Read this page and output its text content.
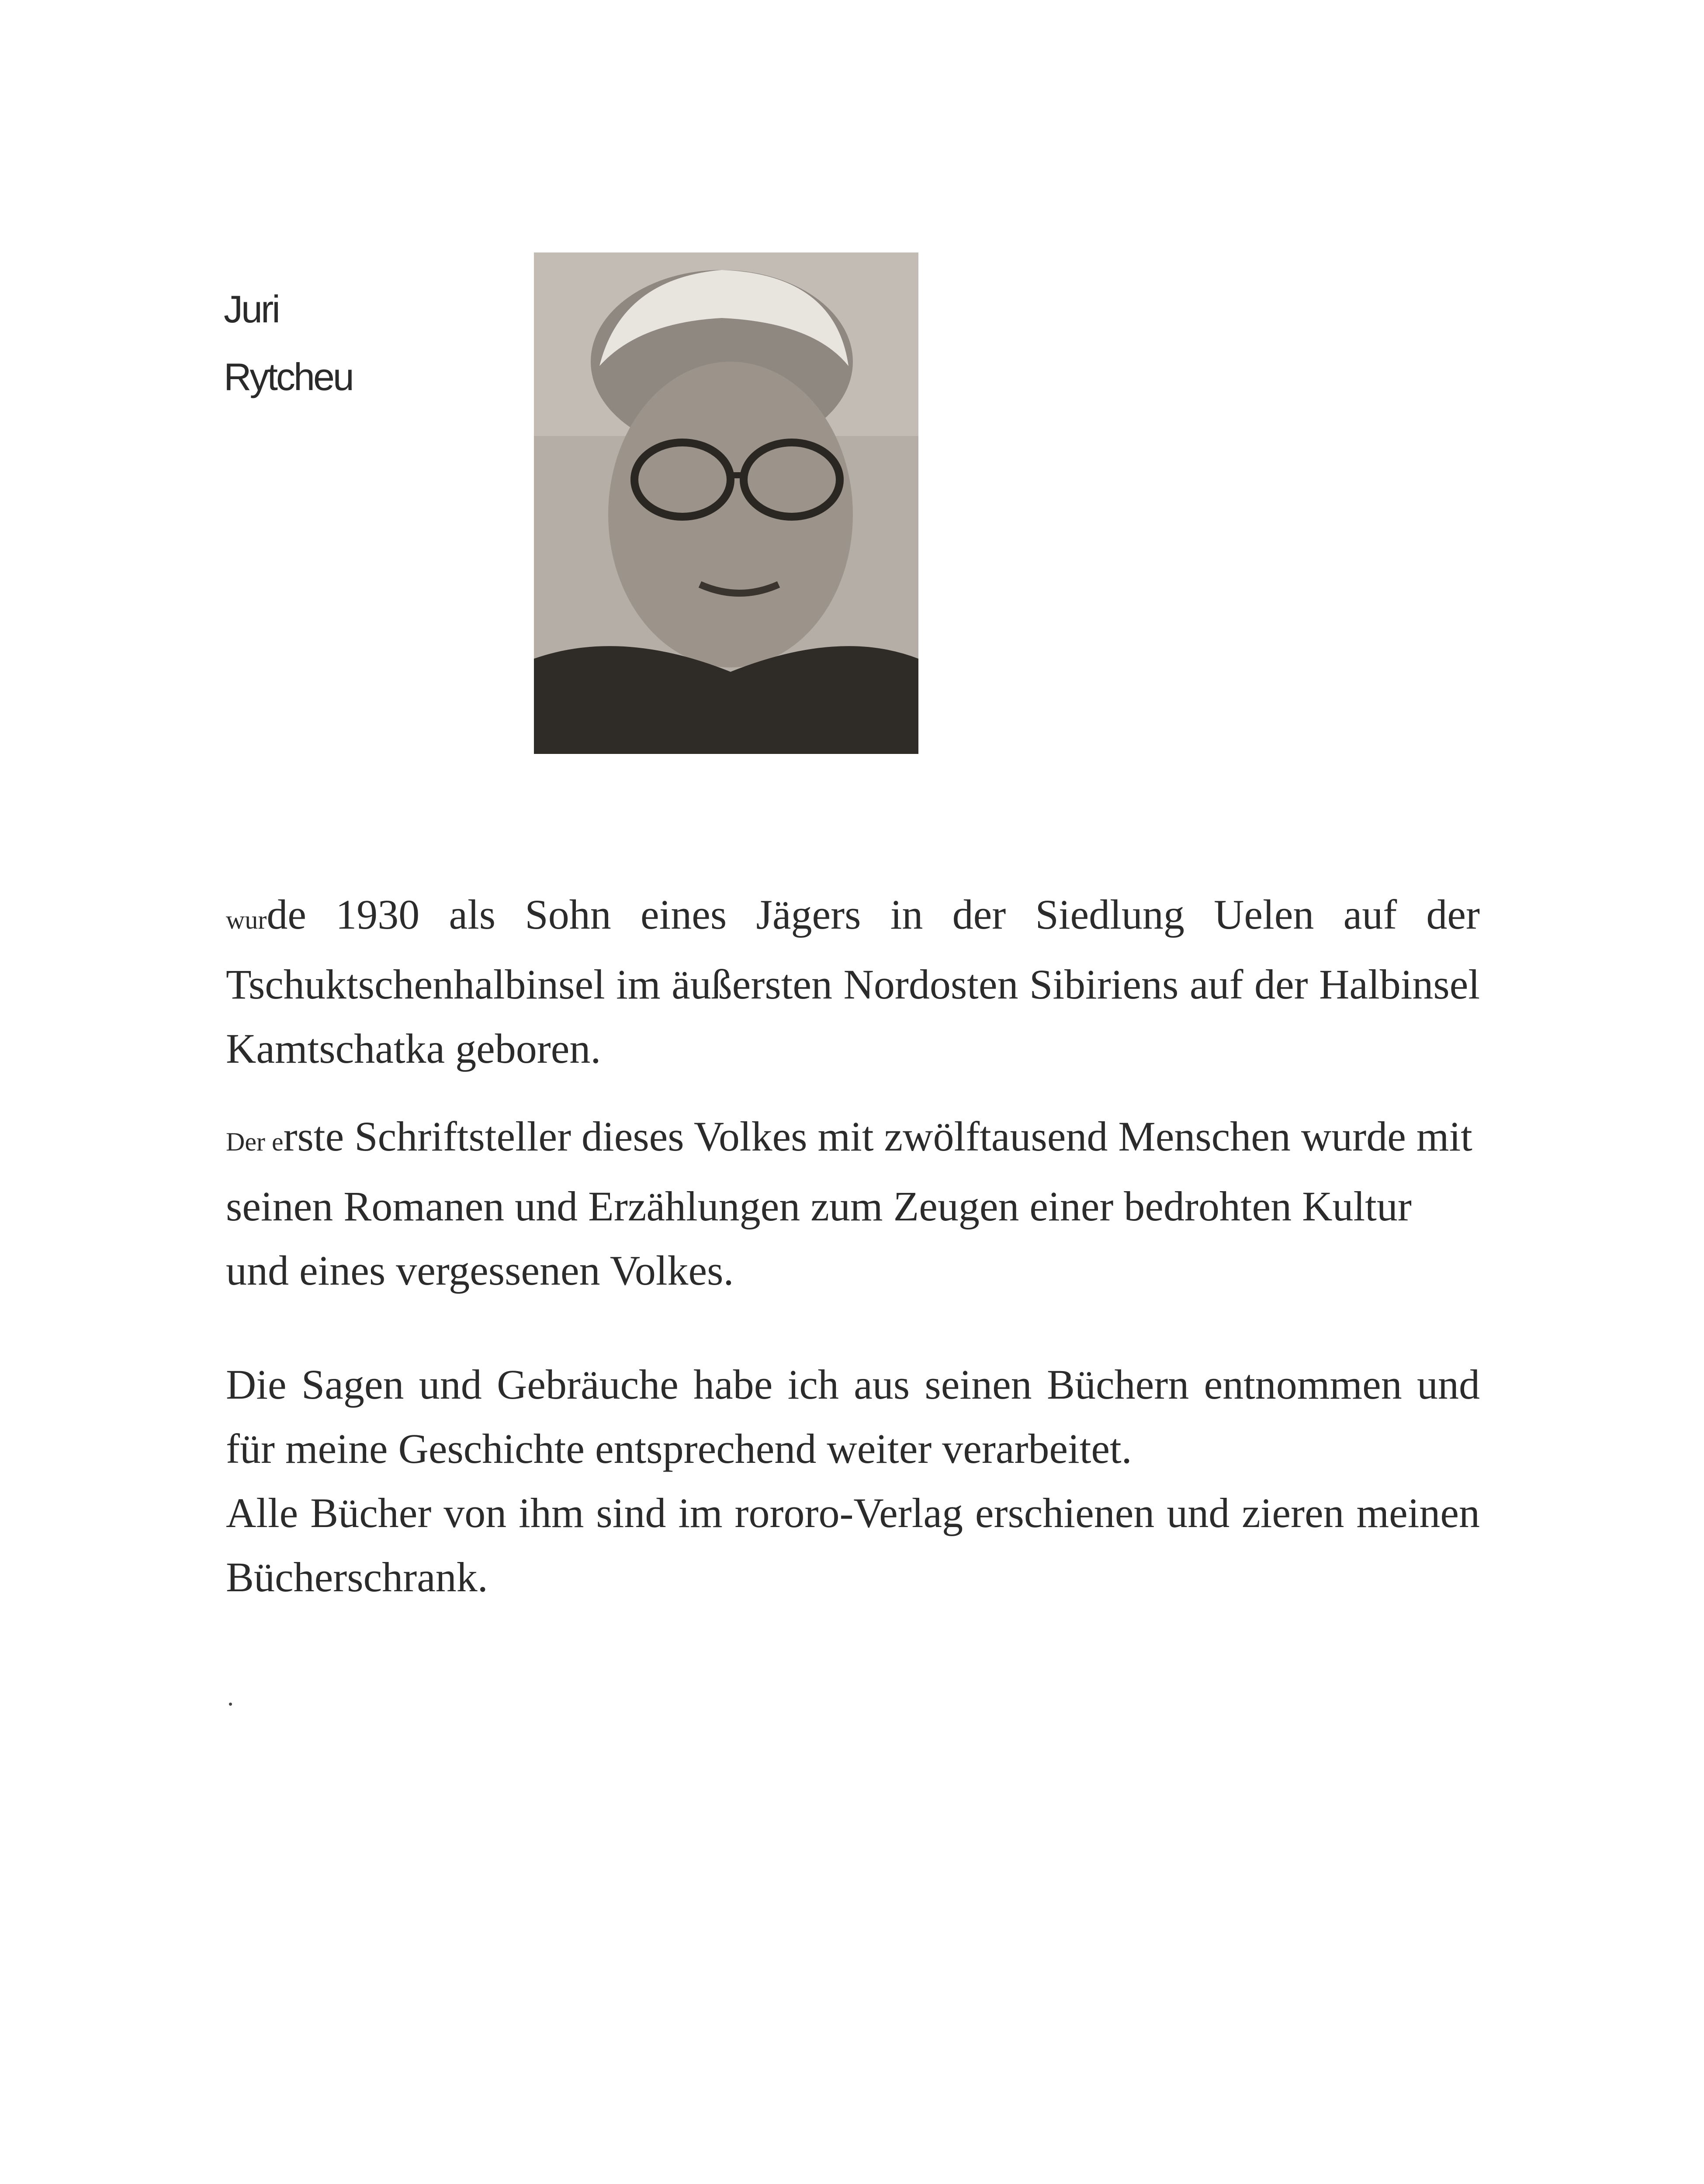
Juri
Rytcheu
wurde 1930 als Sohn eines Jägers in der Siedlung Uelen auf der Tschuktschenhalbinsel im äußersten Nordosten Sibiriens auf der Halbinsel Kamtschatka geboren.
Der erste Schriftsteller dieses Volkes mit zwölftausend Menschen wurde mit seinen Romanen und Erzählungen zum Zeugen einer bedrohten Kultur und eines vergessenen Volkes.
Die Sagen und Gebräuche habe ich aus seinen Büchern entnommen und für meine Geschichte entsprechend weiter verarbeitet.
Alle Bücher von ihm sind im rororo-Verlag erschienen und zieren meinen Bücherschrank.
.
